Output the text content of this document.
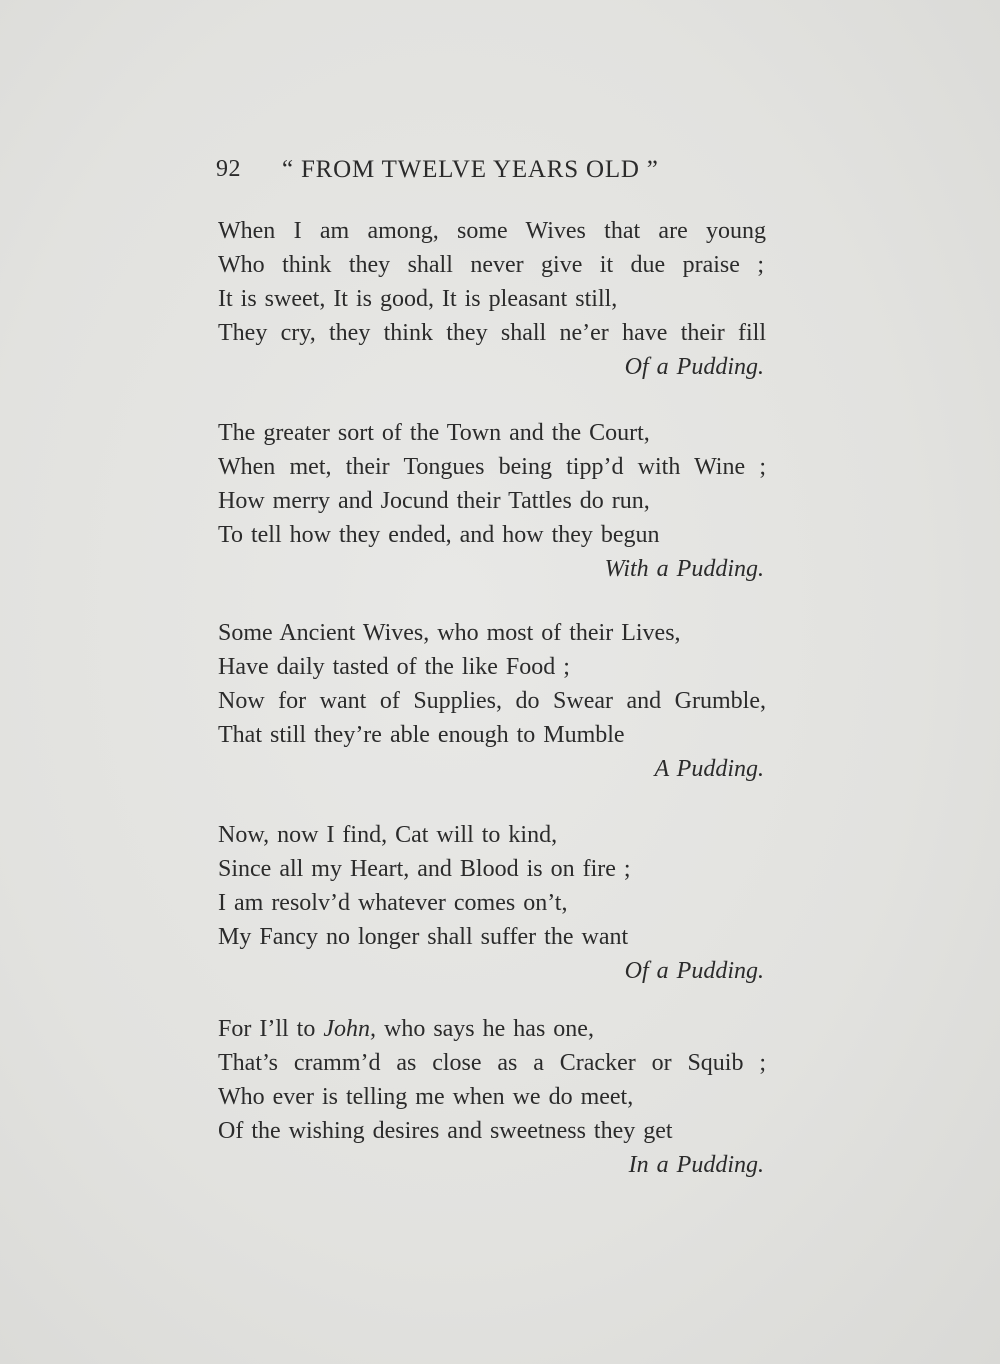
92 “ FROM TWELVE YEARS OLD ”
When I am among, some Wives that are young
Who think they shall never give it due praise ;
It is sweet, It is good, It is pleasant still,
They cry, they think they shall ne’er have their fill
Of a Pudding.
The greater sort of the Town and the Court,
When met, their Tongues being tipp’d with Wine ;
How merry and Jocund their Tattles do run,
To tell how they ended, and how they begun
With a Pudding.
Some Ancient Wives, who most of their Lives,
Have daily tasted of the like Food ;
Now for want of Supplies, do Swear and Grumble,
That still they’re able enough to Mumble
A Pudding.
Now, now I find, Cat will to kind,
Since all my Heart, and Blood is on fire ;
I am resolv’d whatever comes on’t,
My Fancy no longer shall suffer the want
Of a Pudding.
For I’ll to John, who says he has one,
That’s cramm’d as close as a Cracker or Squib ;
Who ever is telling me when we do meet,
Of the wishing desires and sweetness they get
In a Pudding.
